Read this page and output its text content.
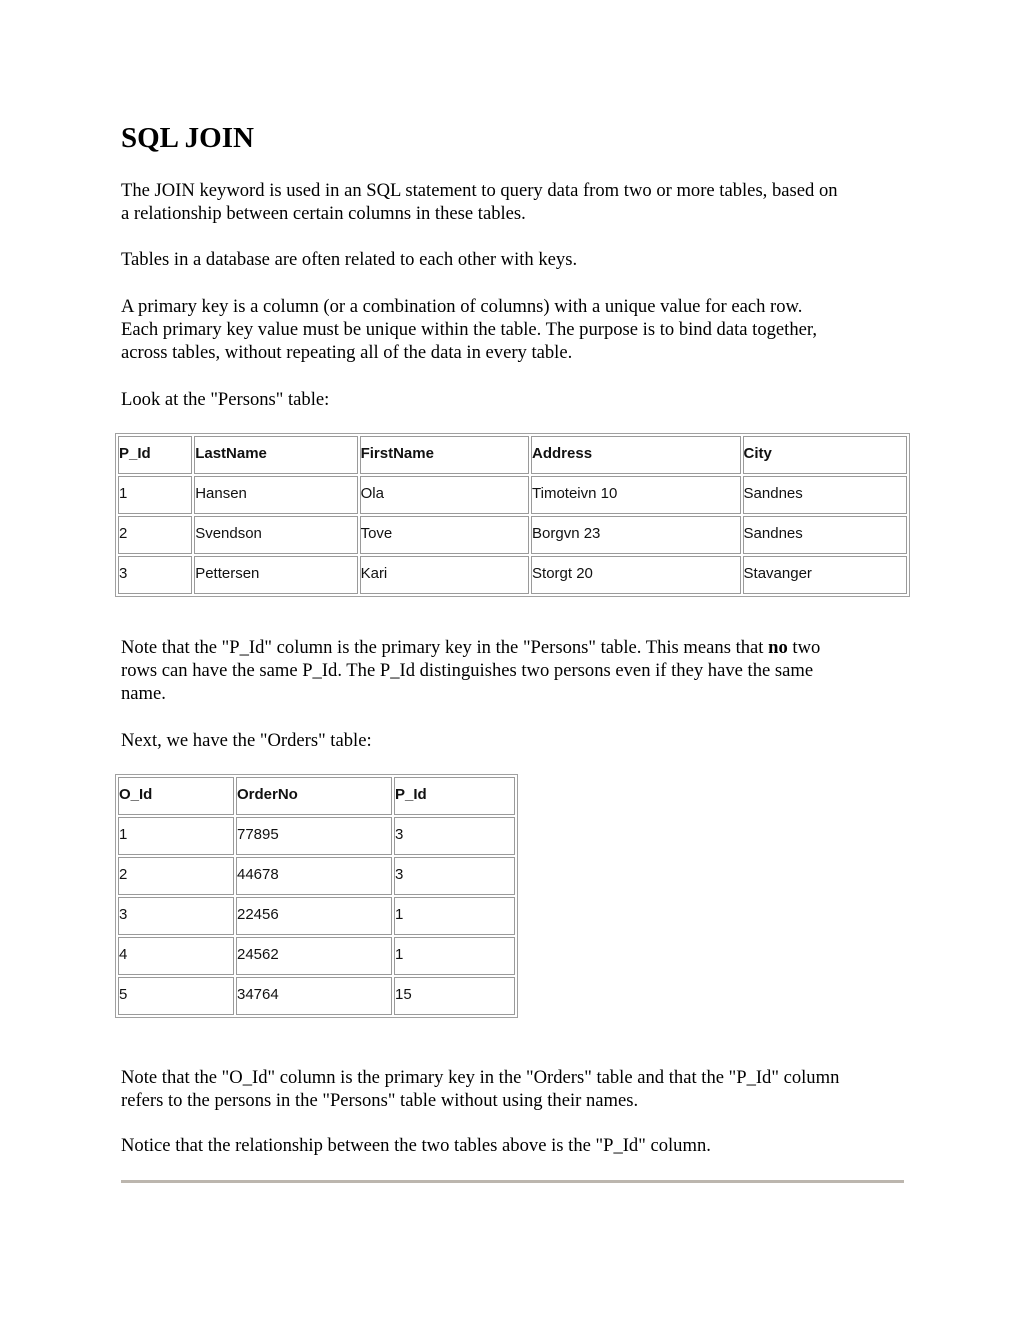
SQL JOIN

The JOIN keyword is used in an SQL statement to query data from two or more tables, based on
a relationship between certain columns in these tables.

Tables in a database are often related to each other with keys.

A primary key is a column (or a combination of columns) with a unique value for each row.
Each primary key value must be unique within the table. The purpose is to bind data together,
across tables, without repeating all of the data in every table.

Look at the "Persons" table:

P_Id	LastName	FirstName	Address	City
1	Hansen	Ola	Timoteivn 10	Sandnes
2	Svendson	Tove	Borgvn 23	Sandnes
3	Pettersen	Kari	Storgt 20	Stavanger

Note that the "P_Id" column is the primary key in the "Persons" table. This means that no two
rows can have the same P_Id. The P_Id distinguishes two persons even if they have the same
name.

Next, we have the "Orders" table:

O_Id	OrderNo	P_Id
1	77895	3
2	44678	3
3	22456	1
4	24562	1
5	34764	15

Note that the "O_Id" column is the primary key in the "Orders" table and that the "P_Id" column
refers to the persons in the "Persons" table without using their names.

Notice that the relationship between the two tables above is the "P_Id" column.
